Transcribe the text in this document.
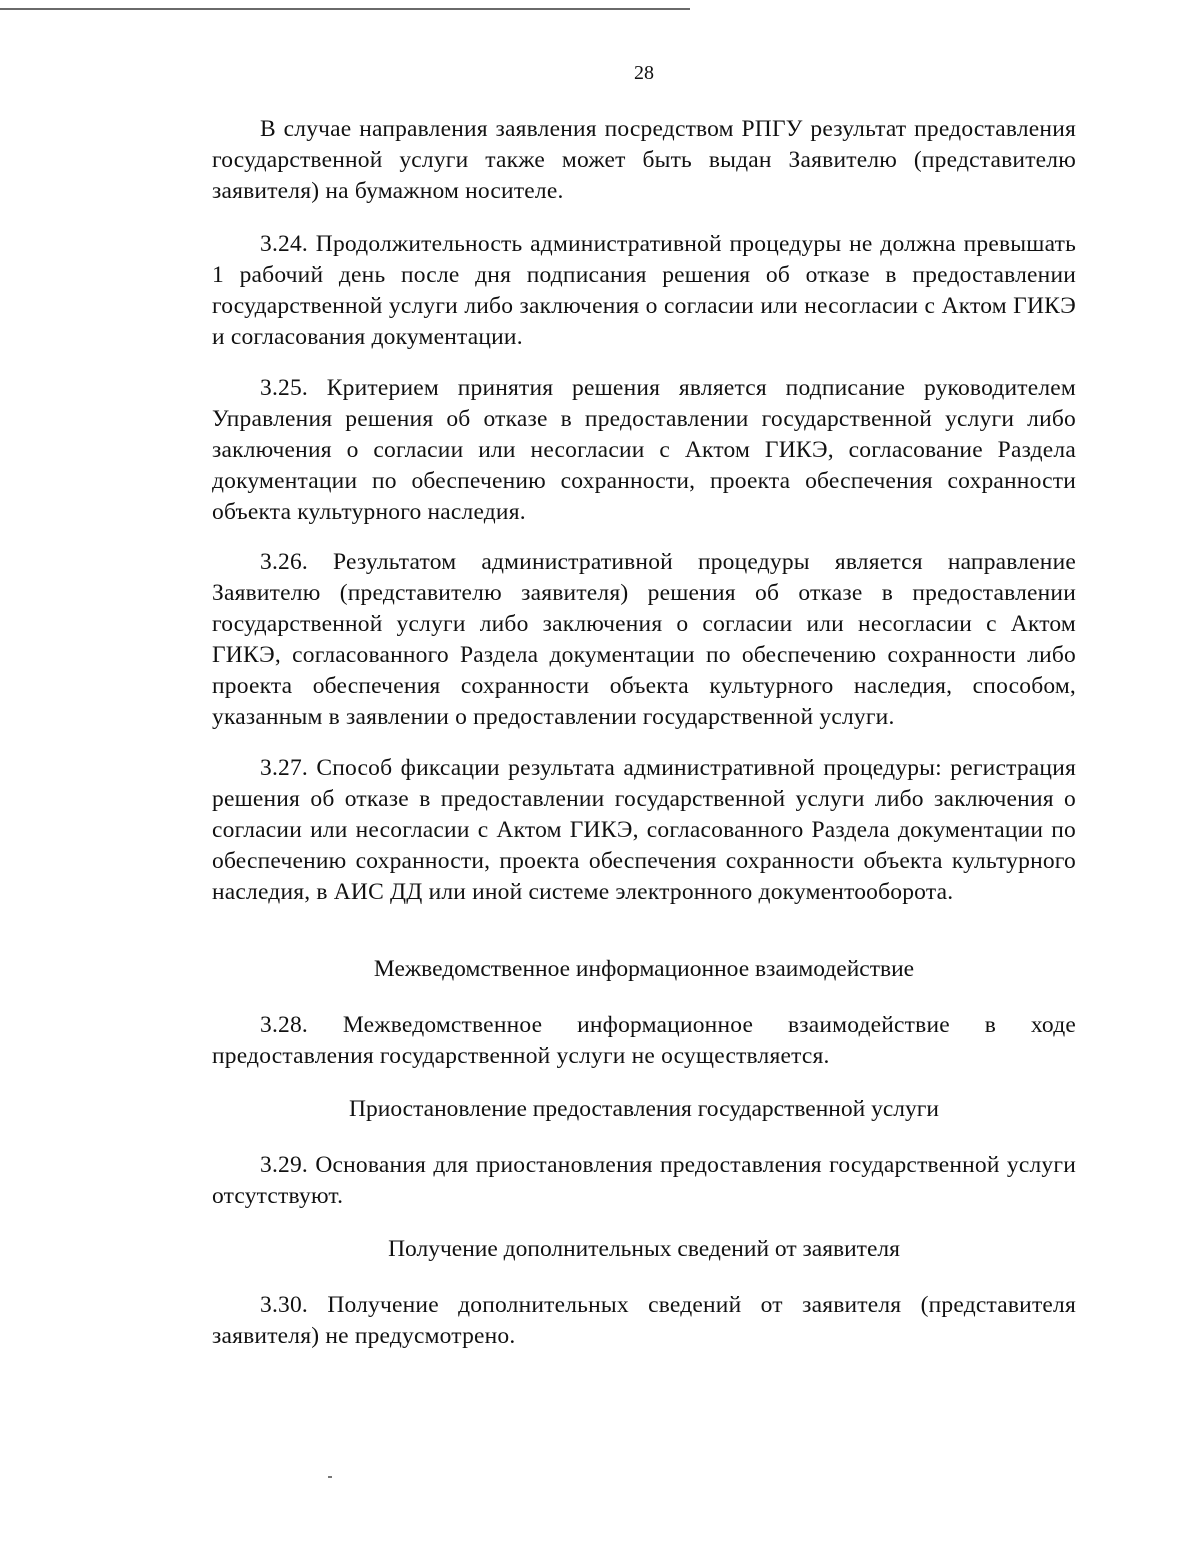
28

В случае направления заявления посредством РПГУ результат предоставления государственной услуги также может быть выдан Заявителю (представителю заявителя) на бумажном носителе.

3.24. Продолжительность административной процедуры не должна превышать 1 рабочий день после дня подписания решения об отказе в предоставлении государственной услуги либо заключения о согласии или несогласии с Актом ГИКЭ и согласования документации.

3.25. Критерием принятия решения является подписание руководителем Управления решения об отказе в предоставлении государственной услуги либо заключения о согласии или несогласии с Актом ГИКЭ, согласование Раздела документации по обеспечению сохранности, проекта обеспечения сохранности объекта культурного наследия.

3.26. Результатом административной процедуры является направление Заявителю (представителю заявителя) решения об отказе в предоставлении государственной услуги либо заключения о согласии или несогласии с Актом ГИКЭ, согласованного Раздела документации по обеспечению сохранности либо проекта обеспечения сохранности объекта культурного наследия, способом, указанным в заявлении о предоставлении государственной услуги.

3.27. Способ фиксации результата административной процедуры: регистрация решения об отказе в предоставлении государственной услуги либо заключения о согласии или несогласии с Актом ГИКЭ, согласованного Раздела документации по обеспечению сохранности, проекта обеспечения сохранности объекта культурного наследия, в АИС ДД или иной системе электронного документооборота.

Межведомственное информационное взаимодействие

3.28. Межведомственное информационное взаимодействие в ходе предоставления государственной услуги не осуществляется.

Приостановление предоставления государственной услуги

3.29. Основания для приостановления предоставления государственной услуги отсутствуют.

Получение дополнительных сведений от заявителя

3.30. Получение дополнительных сведений от заявителя (представителя заявителя) не предусмотрено.
